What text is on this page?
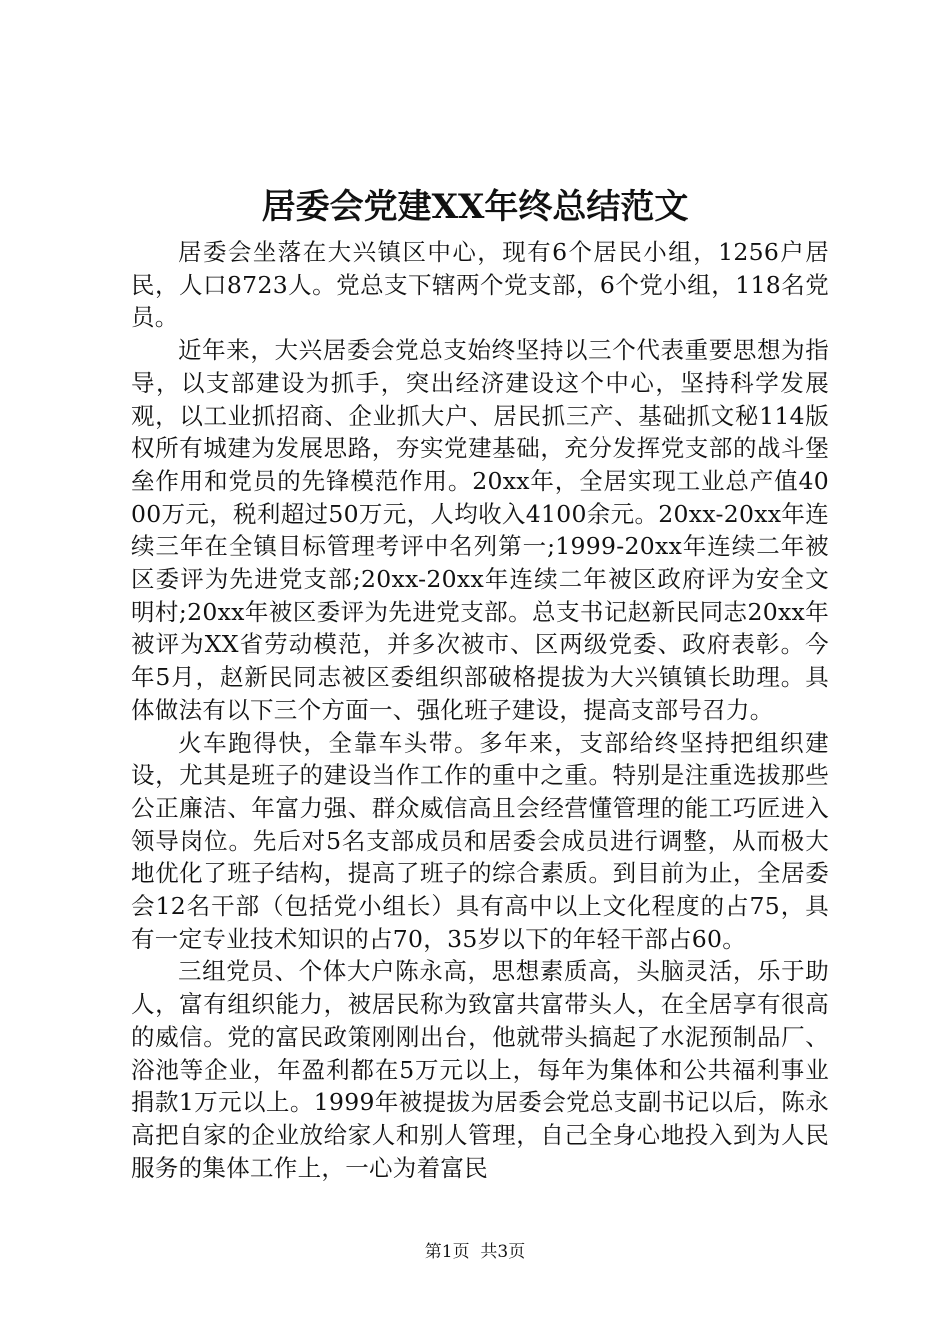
居委会党建XX年终总结范文

居委会坐落在大兴镇区中心，现有6个居民小组，1256户居民，人口8723人。党总支下辖两个党支部，6个党小组，118名党员。

近年来，大兴居委会党总支始终坚持以三个代表重要思想为指导，以支部建设为抓手，突出经济建设这个中心，坚持科学发展观，以工业抓招商、企业抓大户、居民抓三产、基础抓文秘114版权所有城建为发展思路，夯实党建基础，充分发挥党支部的战斗堡垒作用和党员的先锋模范作用。20xx年，全居实现工业总产值4000万元，税利超过50万元，人均收入4100余元。20xx-20xx年连续三年在全镇目标管理考评中名列第一;1999-20xx年连续二年被区委评为先进党支部;20xx-20xx年连续二年被区政府评为安全文明村;20xx年被区委评为先进党支部。总支书记赵新民同志20xx年被评为XX省劳动模范，并多次被市、区两级党委、政府表彰。今年5月，赵新民同志被区委组织部破格提拔为大兴镇镇长助理。具体做法有以下三个方面一、强化班子建设，提高支部号召力。

火车跑得快，全靠车头带。多年来，支部给终坚持把组织建设，尤其是班子的建设当作工作的重中之重。特别是注重选拔那些公正廉洁、年富力强、群众威信高且会经营懂管理的能工巧匠进入领导岗位。先后对5名支部成员和居委会成员进行调整，从而极大地优化了班子结构，提高了班子的综合素质。到目前为止，全居委会12名干部（包括党小组长）具有高中以上文化程度的占75，具有一定专业技术知识的占70，35岁以下的年轻干部占60。

三组党员、个体大户陈永高，思想素质高，头脑灵活，乐于助人，富有组织能力，被居民称为致富共富带头人，在全居享有很高的威信。党的富民政策刚刚出台，他就带头搞起了水泥预制品厂、浴池等企业，年盈利都在5万元以上，每年为集体和公共福利事业捐款1万元以上。1999年被提拔为居委会党总支副书记以后，陈永高把自家的企业放给家人和别人管理，自己全身心地投入到为人民服务的集体工作上，一心为着富民

第1页 共3页
